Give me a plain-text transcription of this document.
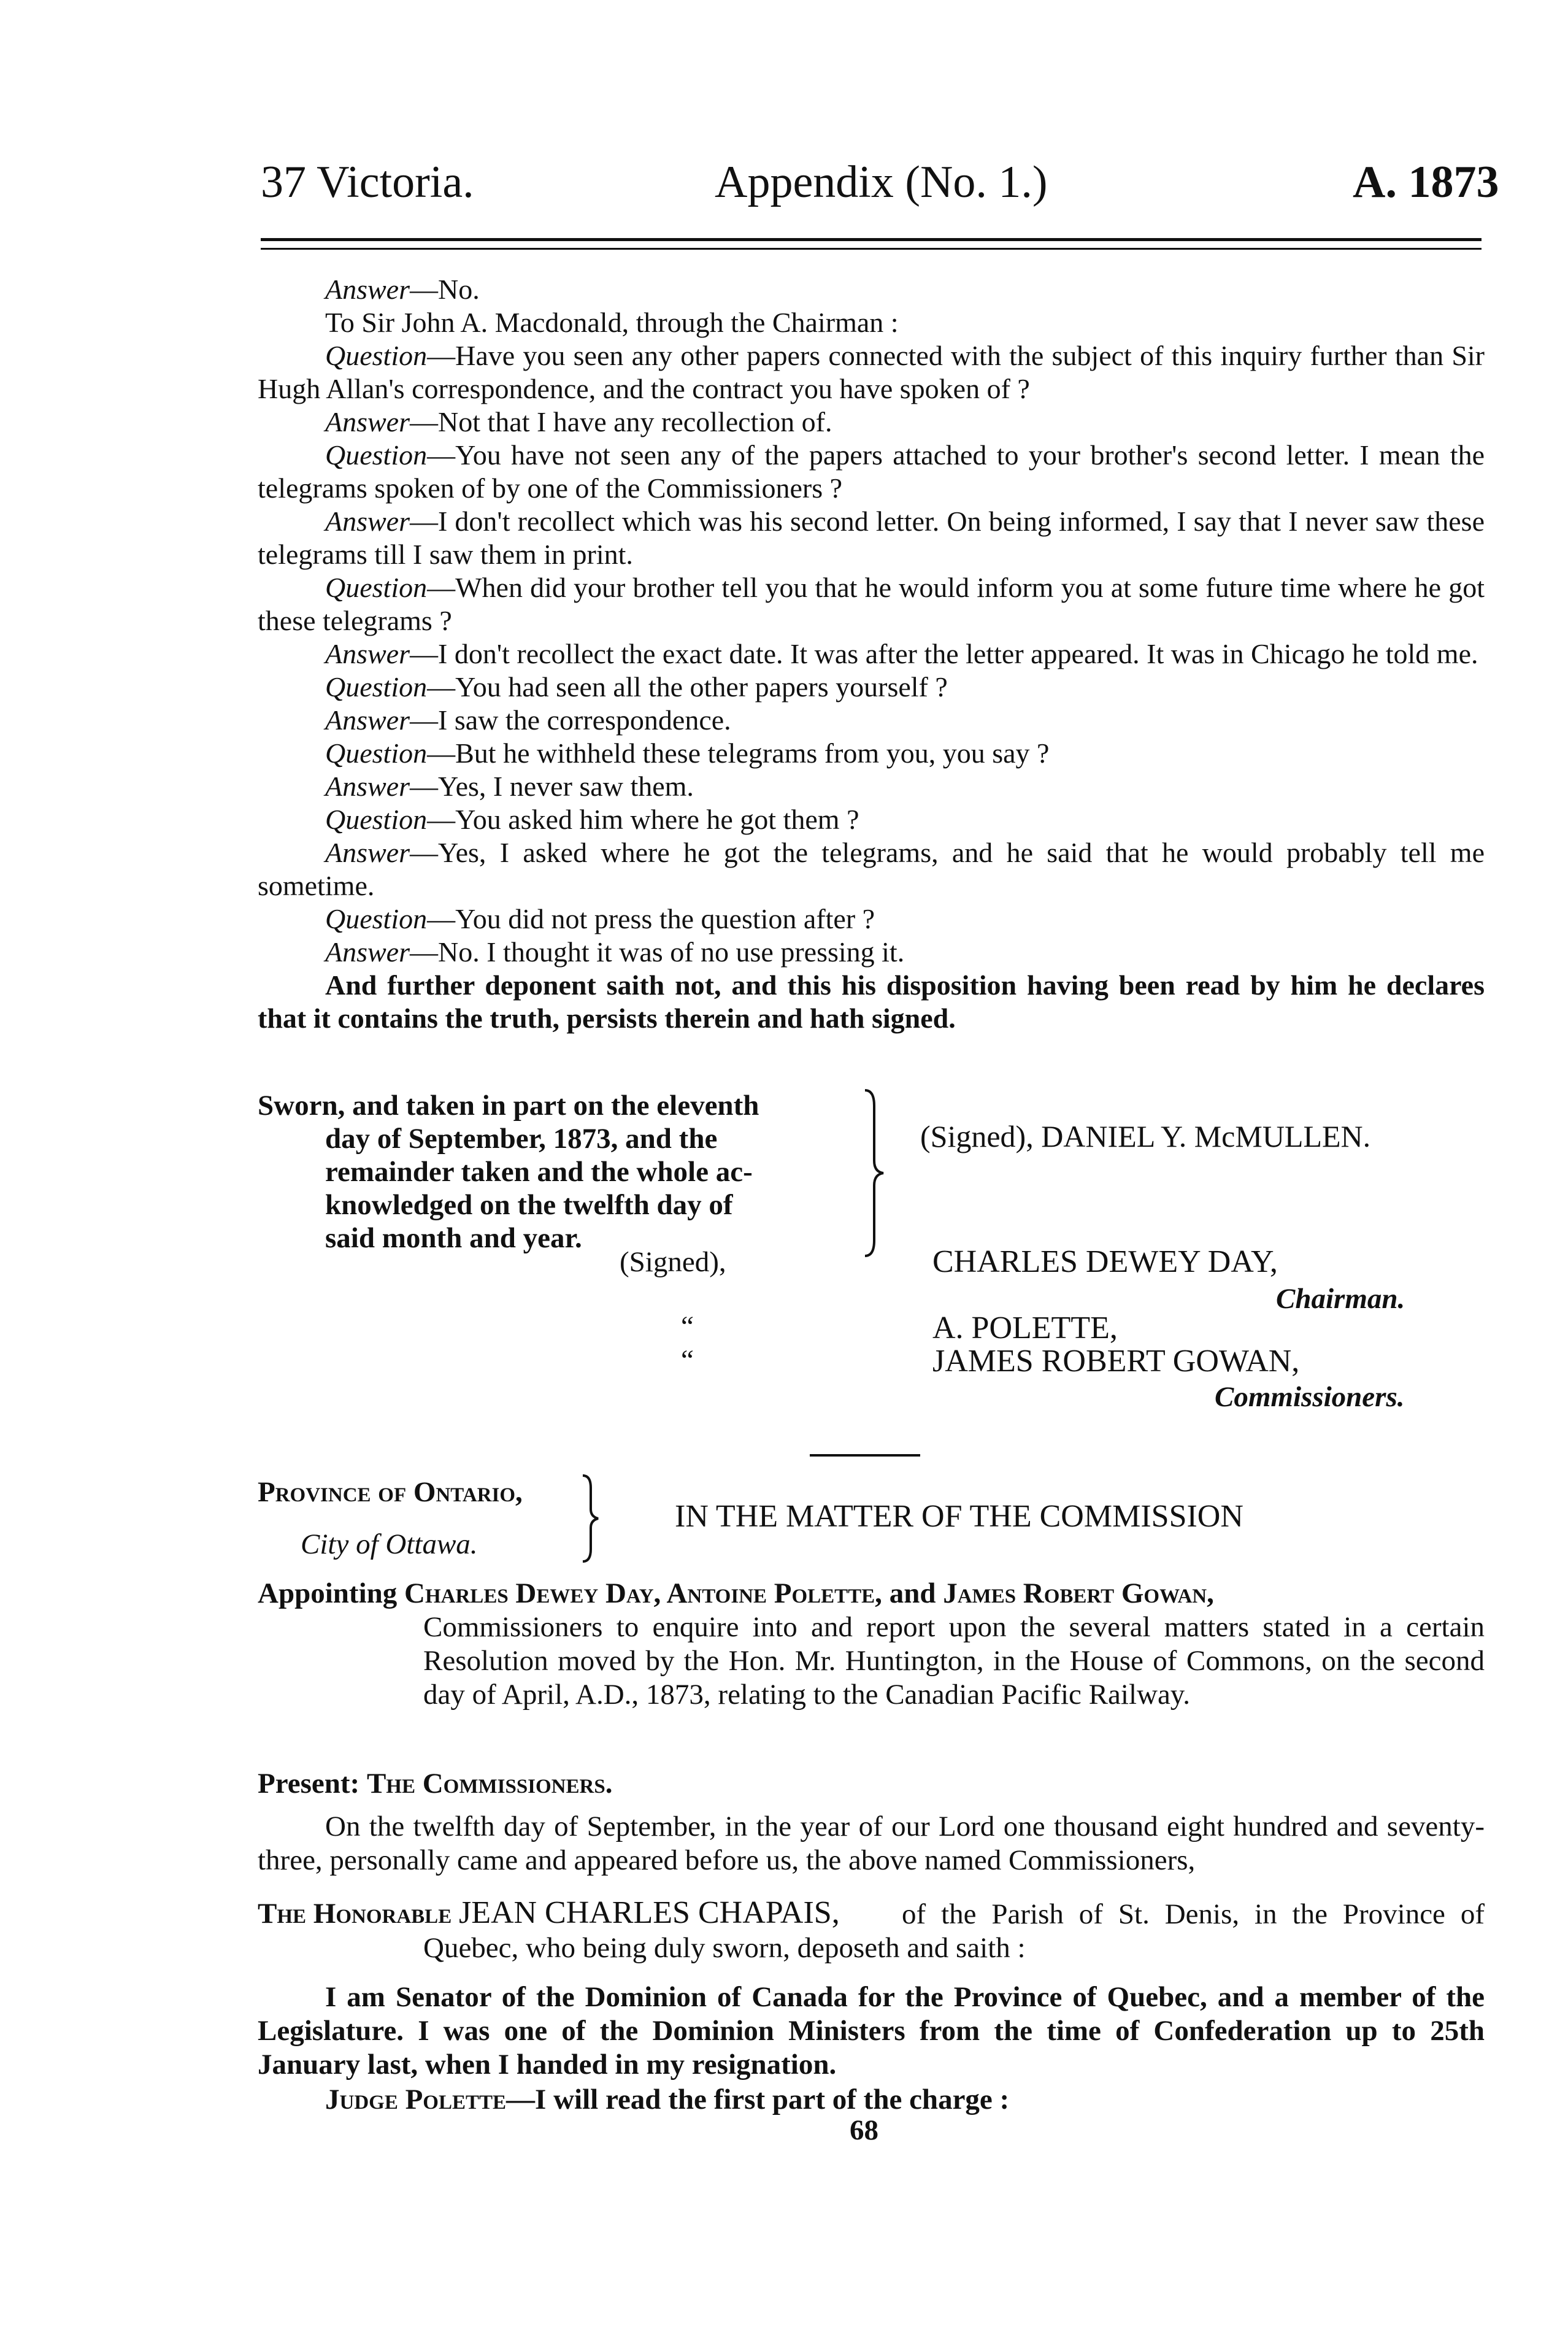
37 Victoria.	Appendix (No. 1.)	A. 1873

Answer—No.

To Sir John A. Macdonald, through the Chairman :

Question—Have you seen any other papers connected with the subject of this inquiry further than Sir Hugh Allan's correspondence, and the contract you have spoken of ?

Answer—Not that I have any recollection of.

Question—You have not seen any of the papers attached to your brother's second letter. I mean the telegrams spoken of by one of the Commissioners ?

Answer—I don't recollect which was his second letter. On being informed, I say that I never saw these telegrams till I saw them in print.

Question—When did your brother tell you that he would inform you at some future time where he got these telegrams ?

Answer—I don't recollect the exact date. It was after the letter appeared. It was in Chicago he told me.

Question—You had seen all the other papers yourself ?

Answer—I saw the correspondence.

Question—But he withheld these telegrams from you, you say ?

Answer—Yes, I never saw them.

Question—You asked him where he got them ?

Answer—Yes, I asked where he got the telegrams, and he said that he would probably tell me sometime.

Question—You did not press the question after ?

Answer—No. I thought it was of no use pressing it.

And further deponent saith not, and this his disposition having been read by him he declares that it contains the truth, persists therein and hath signed.

Sworn, and taken in part on the eleventh
day of September, 1873, and the
remainder taken and the whole ac-
knowledged on the twelfth day of
said month and year.
(Signed), DANIEL Y. McMULLEN.
(Signed),	CHARLES DEWEY DAY,
Chairman.
“	A. POLETTE,
“	JAMES ROBERT GOWAN,
Commissioners.
Province of Ontario,
City of Ottawa.
IN THE MATTER OF THE COMMISSION
Appointing Charles Dewey Day, Antoine Polette, and James Robert Gowan,
Commissioners to enquire into and report upon the several matters stated in a certain Resolution moved by the Hon. Mr. Huntington, in the House of Commons, on the second day of April, A.D., 1873, relating to the Canadian Pacific Railway.
Present: The Commissioners.
On the twelfth day of September, in the year of our Lord one thousand eight hundred and seventy-three, personally came and appeared before us, the above named Commissioners,
The Honorable JEAN CHARLES CHAPAIS,	of the Parish of St. Denis, in the Province of Quebec, who being duly sworn, deposeth and saith :
I am Senator of the Dominion of Canada for the Province of Quebec, and a member of the Legislature. I was one of the Dominion Ministers from the time of Confederation up to 25th January last, when I handed in my resignation.
Judge Polette—I will read the first part of the charge :
68
